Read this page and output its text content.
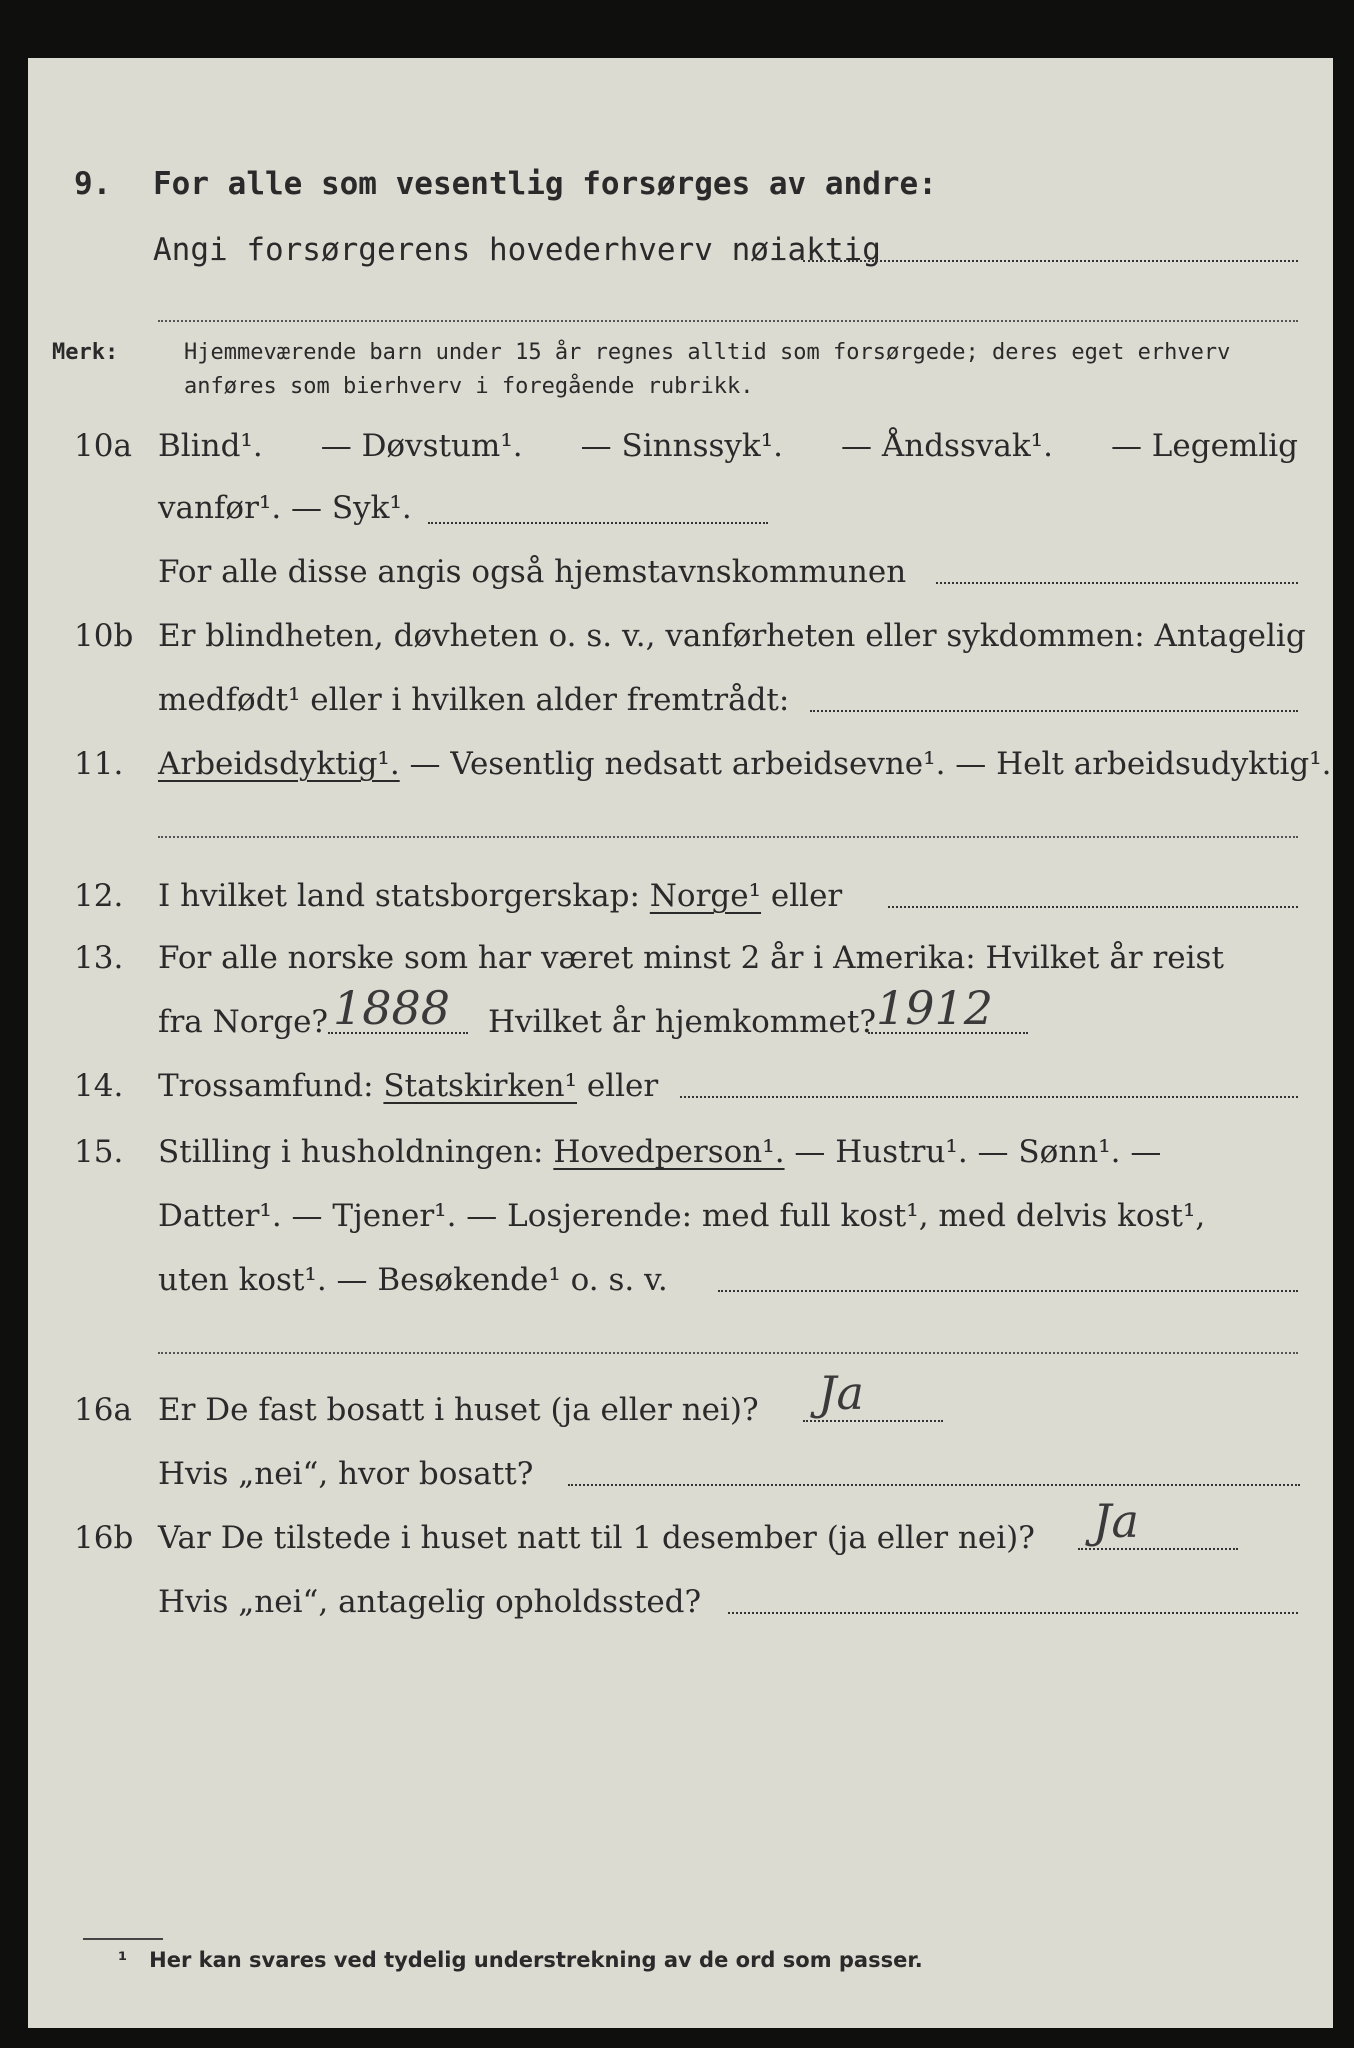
9. For alle som vesentlig forsørges av andre:
Angi forsørgerens hovederhverv nøiaktig
Merk:	Hjemmeværende barn under 15 år regnes alltid som forsørgede; deres eget erhverv
anføres som bierhverv i foregående rubrikk.
10a Blind¹. — Døvstum¹. — Sinnssyk¹. — Åndssvak¹. — Legemlig
vanfør¹. — Syk¹.
For alle disse angis også hjemstavnskommunen
10b Er blindheten, døvheten o. s. v., vanførheten eller sykdommen: Antagelig
medfødt¹ eller i hvilken alder fremtrådt:
11. Arbeidsdyktig¹. — Vesentlig nedsatt arbeidsevne¹. — Helt arbeidsudyktig¹.
12. I hvilket land statsborgerskap: Norge¹ eller
13. For alle norske som har været minst 2 år i Amerika: Hvilket år reist
fra Norge?	Hvilket år hjemkommet?
1888	1912
14. Trossamfund: Statskirken¹ eller
15. Stilling i husholdningen: Hovedperson¹. — Hustru¹. — Sønn¹. —
Datter¹. — Tjener¹. — Losjerende: med full kost¹, med delvis kost¹,
uten kost¹. — Besøkende¹ o. s. v.
16a Er De fast bosatt i huset (ja eller nei)? Ja
Hvis „nei“, hvor bosatt?
16b Var De tilstede i huset natt til 1 desember (ja eller nei)? Ja
Hvis „nei“, antagelig opholdssted?
¹ Her kan svares ved tydelig understrekning av de ord som passer.
